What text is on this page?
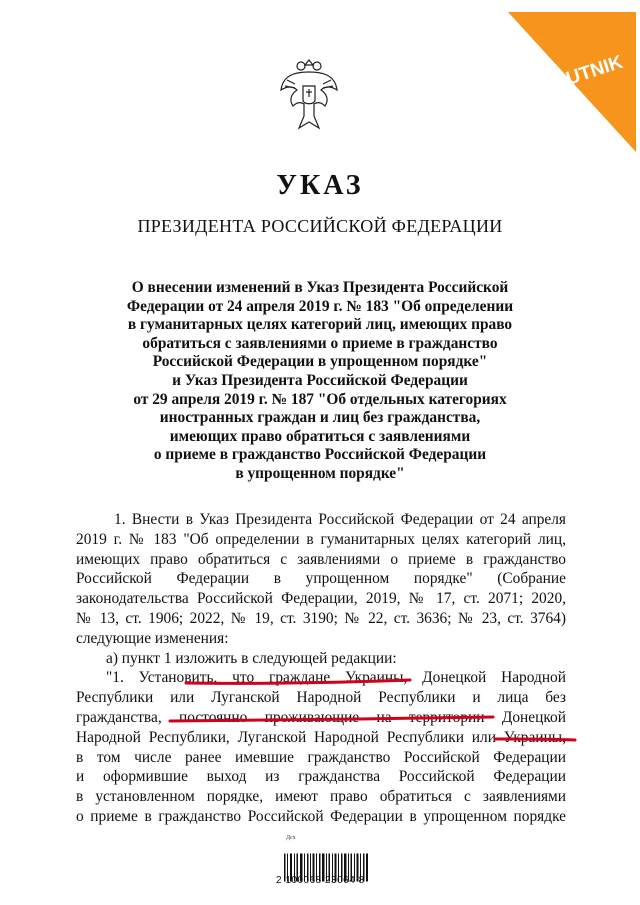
SPUTNIK
УКАЗ
ПРЕЗИДЕНТА РОССИЙСКОЙ ФЕДЕРАЦИИ
О внесении изменений в Указ Президента Российской
Федерации от 24 апреля 2019 г. № 183 "Об определении
в гуманитарных целях категорий лиц, имеющих право
обратиться с заявлениями о приеме в гражданство
Российской Федерации в упрощенном порядке"
и Указ Президента Российской Федерации
от 29 апреля 2019 г. № 187 "Об отдельных категориях
иностранных граждан и лиц без гражданства,
имеющих право обратиться с заявлениями
о приеме в гражданство Российской Федерации
в упрощенном порядке"
1. Внести в Указ Президента Российской Федерации от 24 апреля
2019 г. № 183 "Об определении в гуманитарных целях категорий лиц,
имеющих право обратиться с заявлениями о приеме в гражданство
Российской Федерации в упрощенном порядке" (Собрание
законодательства Российской Федерации, 2019, № 17, ст. 2071; 2020,
№ 13, ст. 1906; 2022, № 19, ст. 3190; № 22, ст. 3636; № 23, ст. 3764)
следующие изменения:
а) пункт 1 изложить в следующей редакции:
"1. Установить, что граждане Украины, Донецкой Народной
Республики или Луганской Народной Республики и лица без
гражданства, постоянно проживающие на территории Донецкой
Народной Республики, Луганской Народной Республики или Украины,
в том числе ранее имевшие гражданство Российской Федерации
и оформившие выход из гражданства Российской Федерации
в установленном порядке, имеют право обратиться с заявлениями
о приеме в гражданство Российской Федерации в упрощенном порядке
Дсх
2 100068 23064 8
